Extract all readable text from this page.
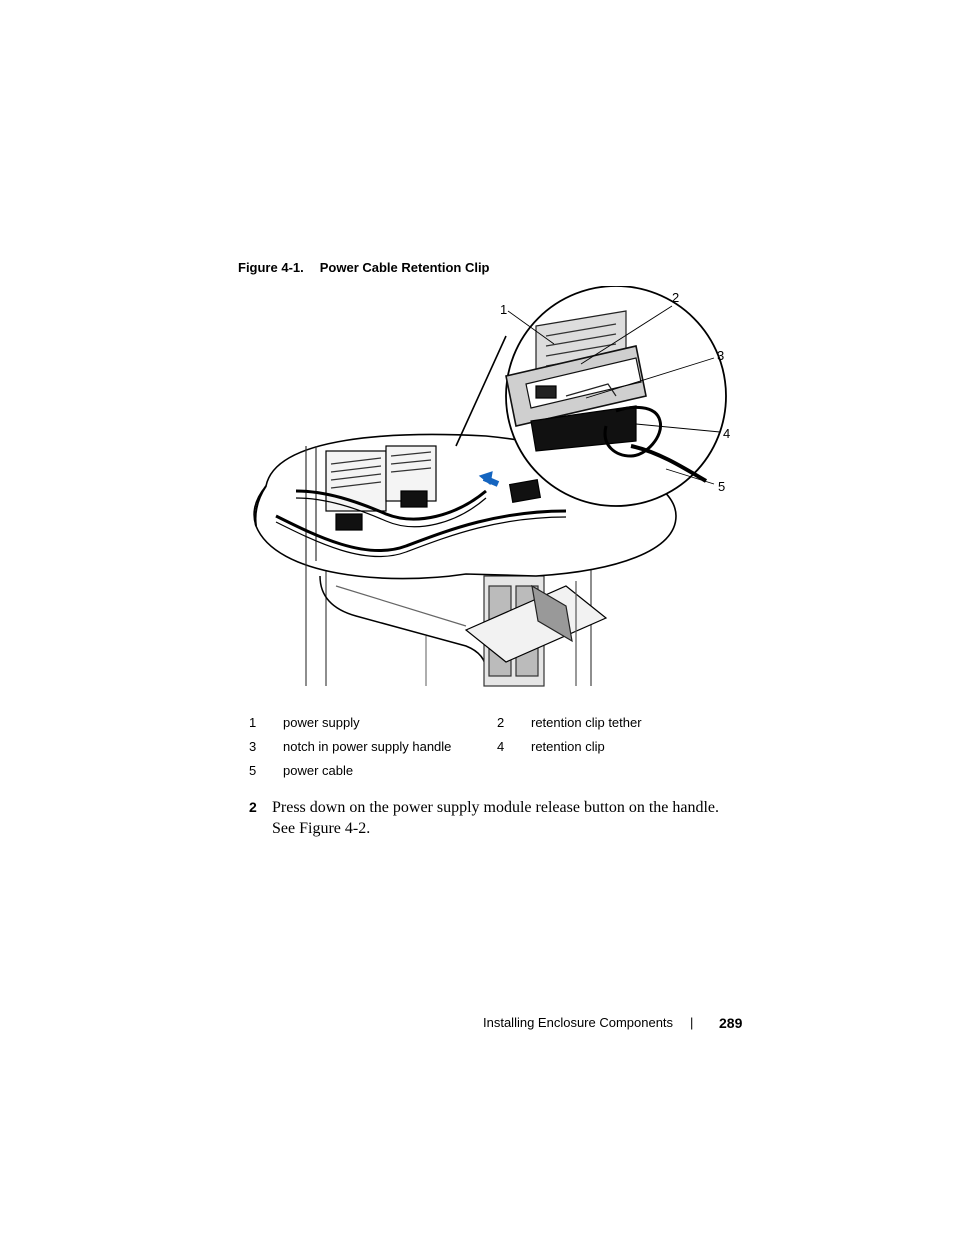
Figure 4-1. Power Cable Retention Clip
1
2
3
4
5
1 power supply	2 retention clip tether
3 notch in power supply handle	4 retention clip
5 power cable
2 Press down on the power supply module release button on the handle. See Figure 4-2.
Installing Enclosure Components | 289
